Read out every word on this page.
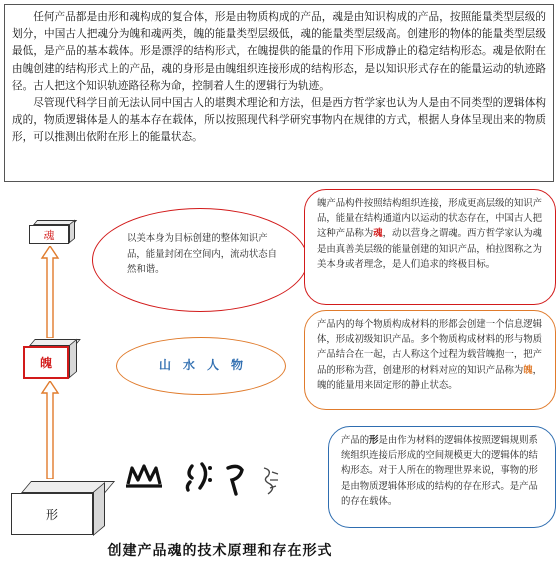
任何产品都是由形和魂构成的复合体，形是由物质构成的产品，魂是由知识构成的产品，按照能量类型层级的划分，中国古人把魂分为魄和魂两类，魄的能量类型层级低，魂的能量类型层级高。创建形的物体的能量类型层级最低，是产品的基本载体。形是漂浮的结构形式，在魄提供的能量的作用下形成静止的稳定结构形态。魂是依附在由魄创建的结构形式上的产品，魂的身形是由魄组织连接形成的结构形态，是以知识形式存在的能量运动的轨迹路径。古人把这个知识轨迹路径称为命，控制着人生的逻辑行为轨迹。

尽管现代科学目前无法认同中国古人的堪舆术理论和方法，但是西方哲学家也认为人是由不同类型的逻辑体构成的，物质逻辑体是人的基本存在载体，所以按照现代科学研究事物内在规律的方式，根据人身体呈现出来的物质形，可以推测出依附在形上的能量状态。

魂
魄
形
以美本身为目标创建的整体知识产品，能量封闭在空间内，流动状态自然和谐。
山　水　人　物
魄产品构件按照结构组织连接，形成更高层级的知识产品，能量在结构通道内以运动的状态存在，中国古人把这种产品称为魂，动以营身之谓魂。西方哲学家认为魂是由真善美层级的能量创建的知识产品，柏拉图称之为美本身或者理念，是人们追求的终极目标。
产品内的每个物质构成材料的形都会创建一个信息逻辑体，形成初级知识产品。多个物质构成材料的形与物质产品结合在一起，古人称这个过程为载营魄抱一，把产品的形称为营，创建形的材料对应的知识产品称为魄，魄的能量用来固定形的静止状态。
产品的形是由作为材料的逻辑体按照逻辑规则系统组织连接后形成的空间规模更大的逻辑体的结构形态。对于人所在的物理世界来说，事物的形是由物质逻辑体形成的结构的存在形式。是产品的存在载体。
创建产品魂的技术原理和存在形式
